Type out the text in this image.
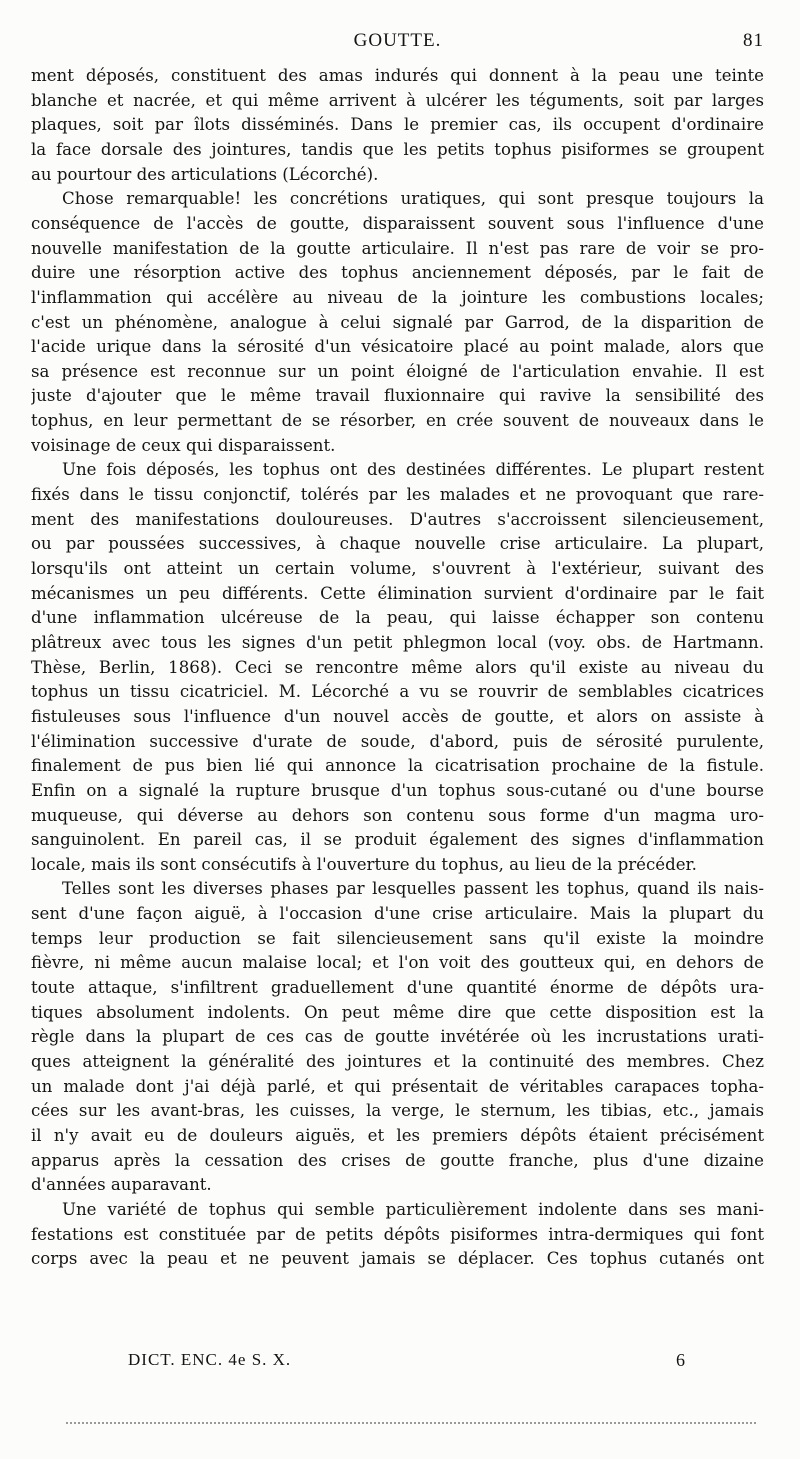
GOUTTE.	81
ment déposés, constituent des amas indurés qui donnent à la peau une teinte
blanche et nacrée, et qui même arrivent à ulcérer les téguments, soit par larges
plaques, soit par îlots disséminés. Dans le premier cas, ils occupent d'ordinaire
la face dorsale des jointures, tandis que les petits tophus pisiformes se groupent
au pourtour des articulations (Lécorché).
Chose remarquable! les concrétions uratiques, qui sont presque toujours la
conséquence de l'accès de goutte, disparaissent souvent sous l'influence d'une
nouvelle manifestation de la goutte articulaire. Il n'est pas rare de voir se pro-
duire une résorption active des tophus anciennement déposés, par le fait de
l'inflammation qui accélère au niveau de la jointure les combustions locales;
c'est un phénomène, analogue à celui signalé par Garrod, de la disparition de
l'acide urique dans la sérosité d'un vésicatoire placé au point malade, alors que
sa présence est reconnue sur un point éloigné de l'articulation envahie. Il est
juste d'ajouter que le même travail fluxionnaire qui ravive la sensibilité des
tophus, en leur permettant de se résorber, en crée souvent de nouveaux dans le
voisinage de ceux qui disparaissent.
Une fois déposés, les tophus ont des destinées différentes. Le plupart restent
fixés dans le tissu conjonctif, tolérés par les malades et ne provoquant que rare-
ment des manifestations douloureuses. D'autres s'accroissent silencieusement,
ou par poussées successives, à chaque nouvelle crise articulaire. La plupart,
lorsqu'ils ont atteint un certain volume, s'ouvrent à l'extérieur, suivant des
mécanismes un peu différents. Cette élimination survient d'ordinaire par le fait
d'une inflammation ulcéreuse de la peau, qui laisse échapper son contenu
plâtreux avec tous les signes d'un petit phlegmon local (voy. obs. de Hartmann.
Thèse, Berlin, 1868). Ceci se rencontre même alors qu'il existe au niveau du
tophus un tissu cicatriciel. M. Lécorché a vu se rouvrir de semblables cicatrices
fistuleuses sous l'influence d'un nouvel accès de goutte, et alors on assiste à
l'élimination successive d'urate de soude, d'abord, puis de sérosité purulente,
finalement de pus bien lié qui annonce la cicatrisation prochaine de la fistule.
Enfin on a signalé la rupture brusque d'un tophus sous-cutané ou d'une bourse
muqueuse, qui déverse au dehors son contenu sous forme d'un magma uro-
sanguinolent. En pareil cas, il se produit également des signes d'inflammation
locale, mais ils sont consécutifs à l'ouverture du tophus, au lieu de la précéder.
Telles sont les diverses phases par lesquelles passent les tophus, quand ils nais-
sent d'une façon aiguë, à l'occasion d'une crise articulaire. Mais la plupart du
temps leur production se fait silencieusement sans qu'il existe la moindre
fièvre, ni même aucun malaise local; et l'on voit des goutteux qui, en dehors de
toute attaque, s'infiltrent graduellement d'une quantité énorme de dépôts ura-
tiques absolument indolents. On peut même dire que cette disposition est la
règle dans la plupart de ces cas de goutte invétérée où les incrustations urati-
ques atteignent la généralité des jointures et la continuité des membres. Chez
un malade dont j'ai déjà parlé, et qui présentait de véritables carapaces topha-
cées sur les avant-bras, les cuisses, la verge, le sternum, les tibias, etc., jamais
il n'y avait eu de douleurs aiguës, et les premiers dépôts étaient précisément
apparus après la cessation des crises de goutte franche, plus d'une dizaine
d'années auparavant.
Une variété de tophus qui semble particulièrement indolente dans ses mani-
festations est constituée par de petits dépôts pisiformes intra-dermiques qui font
corps avec la peau et ne peuvent jamais se déplacer. Ces tophus cutanés ont
DICT. ENC. 4e S. X.	6
